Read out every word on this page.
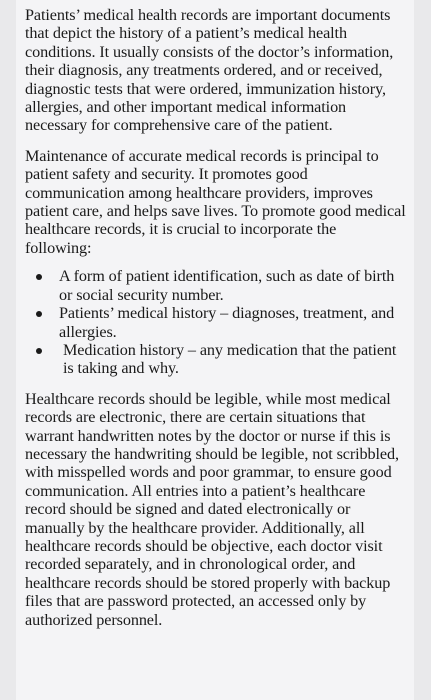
Patients’ medical health records are important documents that depict the history of a patient’s medical health conditions. It usually consists of the doctor’s information, their diagnosis, any treatments ordered, and or received, diagnostic tests that were ordered, immunization history, allergies, and other important medical information necessary for comprehensive care of the patient.

Maintenance of accurate medical records is principal to patient safety and security. It promotes good communication among healthcare providers, improves patient care, and helps save lives. To promote good medical healthcare records, it is crucial to incorporate the following:

A form of patient identification, such as date of birth or social security number.
Patients’ medical history – diagnoses, treatment, and allergies.
Medication history – any medication that the patient is taking and why.

Healthcare records should be legible, while most medical records are electronic, there are certain situations that warrant handwritten notes by the doctor or nurse if this is necessary the handwriting should be legible, not scribbled, with misspelled words and poor grammar, to ensure good communication. All entries into a patient’s healthcare record should be signed and dated electronically or manually by the healthcare provider. Additionally, all healthcare records should be objective, each doctor visit recorded separately, and in chronological order, and healthcare records should be stored properly with backup files that are password protected, an accessed only by authorized personnel.
